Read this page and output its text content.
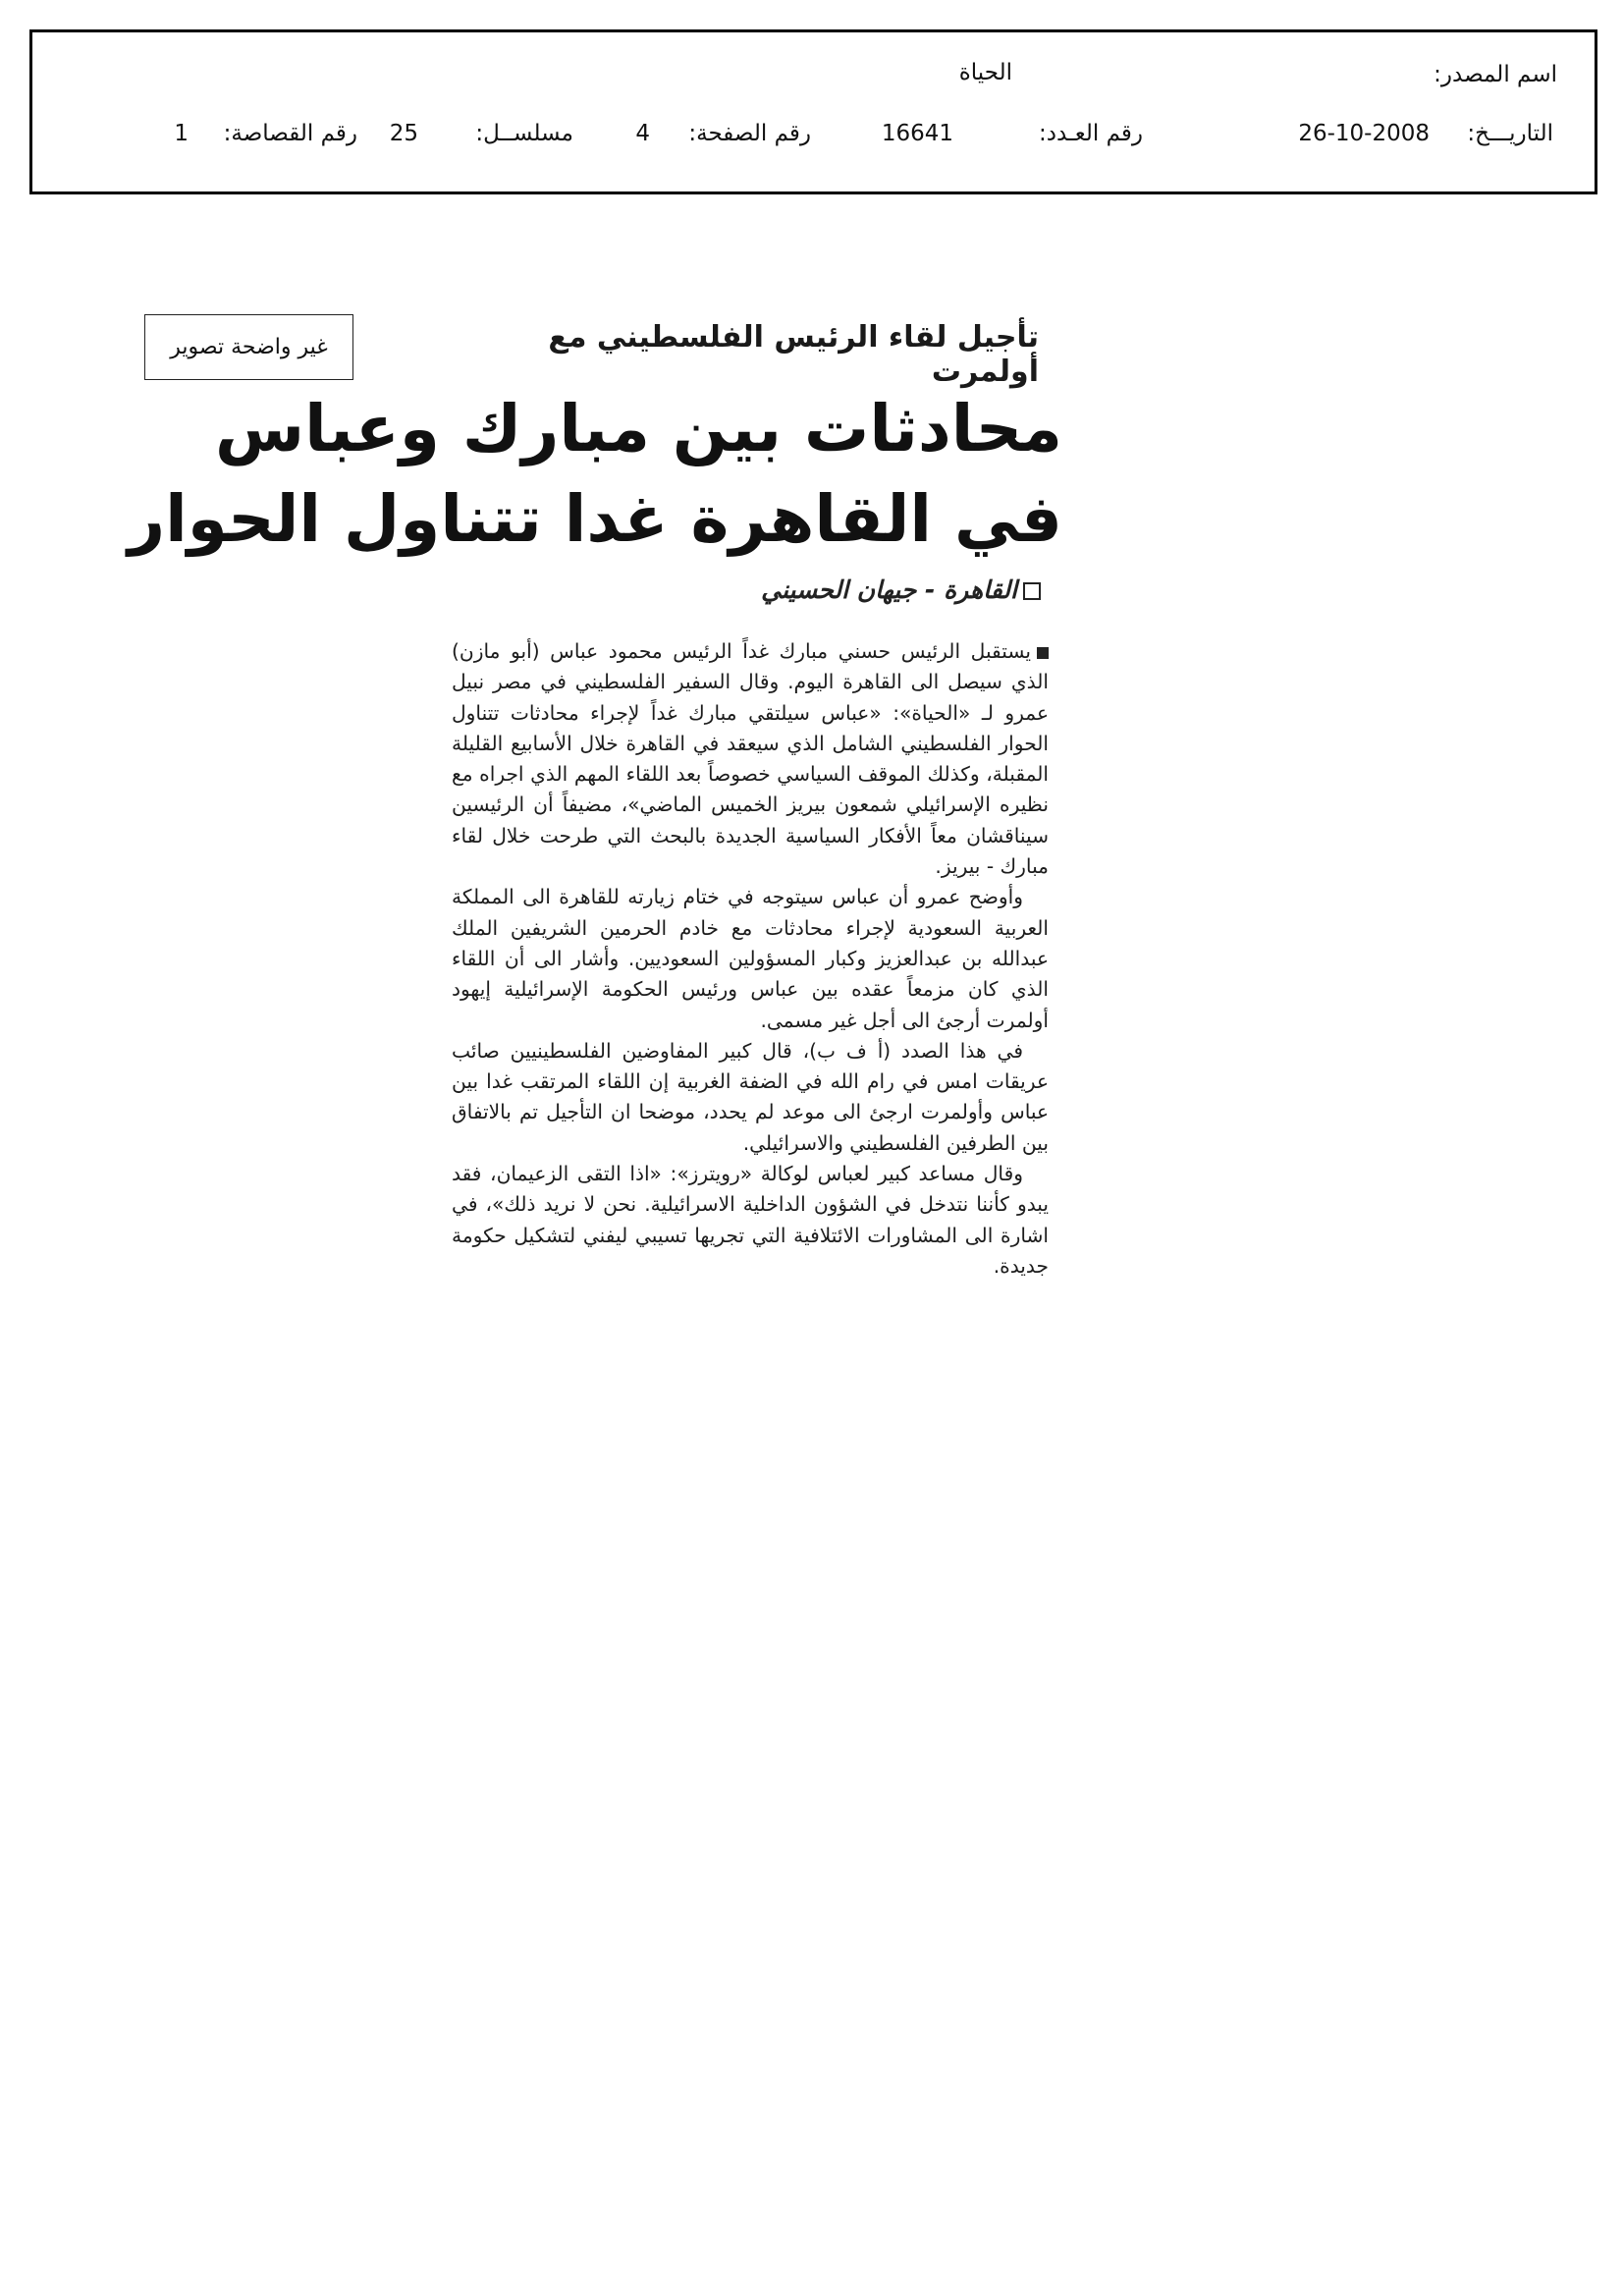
اسم المصدر:
الحياة
التاريـــخ:
26-10-2008
رقم العـدد:
16641
رقم الصفحة:
4
مسلســل:
25
رقم القصاصة:
1
غير واضحة تصوير	تأجيل لقاء الرئيس الفلسطيني مع أولمرت
محادثات بين مبارك وعباس
في القاهرة غدا تتناول الحوار
القاهرة - جيهان الحسيني

يستقبل الرئيس حسني مبارك غداً الرئيس محمود عباس (أبو مازن) الذي سيصل الى القاهرة اليوم. وقال السفير الفلسطيني في مصر نبيل عمرو لـ «الحياة»: «عباس سيلتقي مبارك غداً لإجراء محادثات تتناول الحوار الفلسطيني الشامل الذي سيعقد في القاهرة خلال الأسابيع القليلة المقبلة، وكذلك الموقف السياسي خصوصاً بعد اللقاء المهم الذي اجراه مع نظيره الإسرائيلي شمعون بيريز الخميس الماضي»، مضيفاً أن الرئيسين سيناقشان معاً الأفكار السياسية الجديدة بالبحث التي طرحت خلال لقاء مبارك - بيريز.

وأوضح عمرو أن عباس سيتوجه في ختام زيارته للقاهرة الى المملكة العربية السعودية لإجراء محادثات مع خادم الحرمين الشريفين الملك عبدالله بن عبدالعزيز وكبار المسؤولين السعوديين. وأشار الى أن اللقاء الذي كان مزمعاً عقده بين عباس ورئيس الحكومة الإسرائيلية إيهود أولمرت أرجئ الى أجل غير مسمى.

في هذا الصدد (أ ف ب)، قال كبير المفاوضين الفلسطينيين صائب عريقات امس في رام الله في الضفة الغربية إن اللقاء المرتقب غدا بين عباس وأولمرت ارجئ الى موعد لم يحدد، موضحا ان التأجيل تم بالاتفاق بين الطرفين الفلسطيني والاسرائيلي.

وقال مساعد كبير لعباس لوكالة «رويترز»: «اذا التقى الزعيمان، فقد يبدو كأننا نتدخل في الشؤون الداخلية الاسرائيلية. نحن لا نريد ذلك»، في اشارة الى المشاورات الائتلافية التي تجريها تسيبي ليفني لتشكيل حكومة جديدة.
